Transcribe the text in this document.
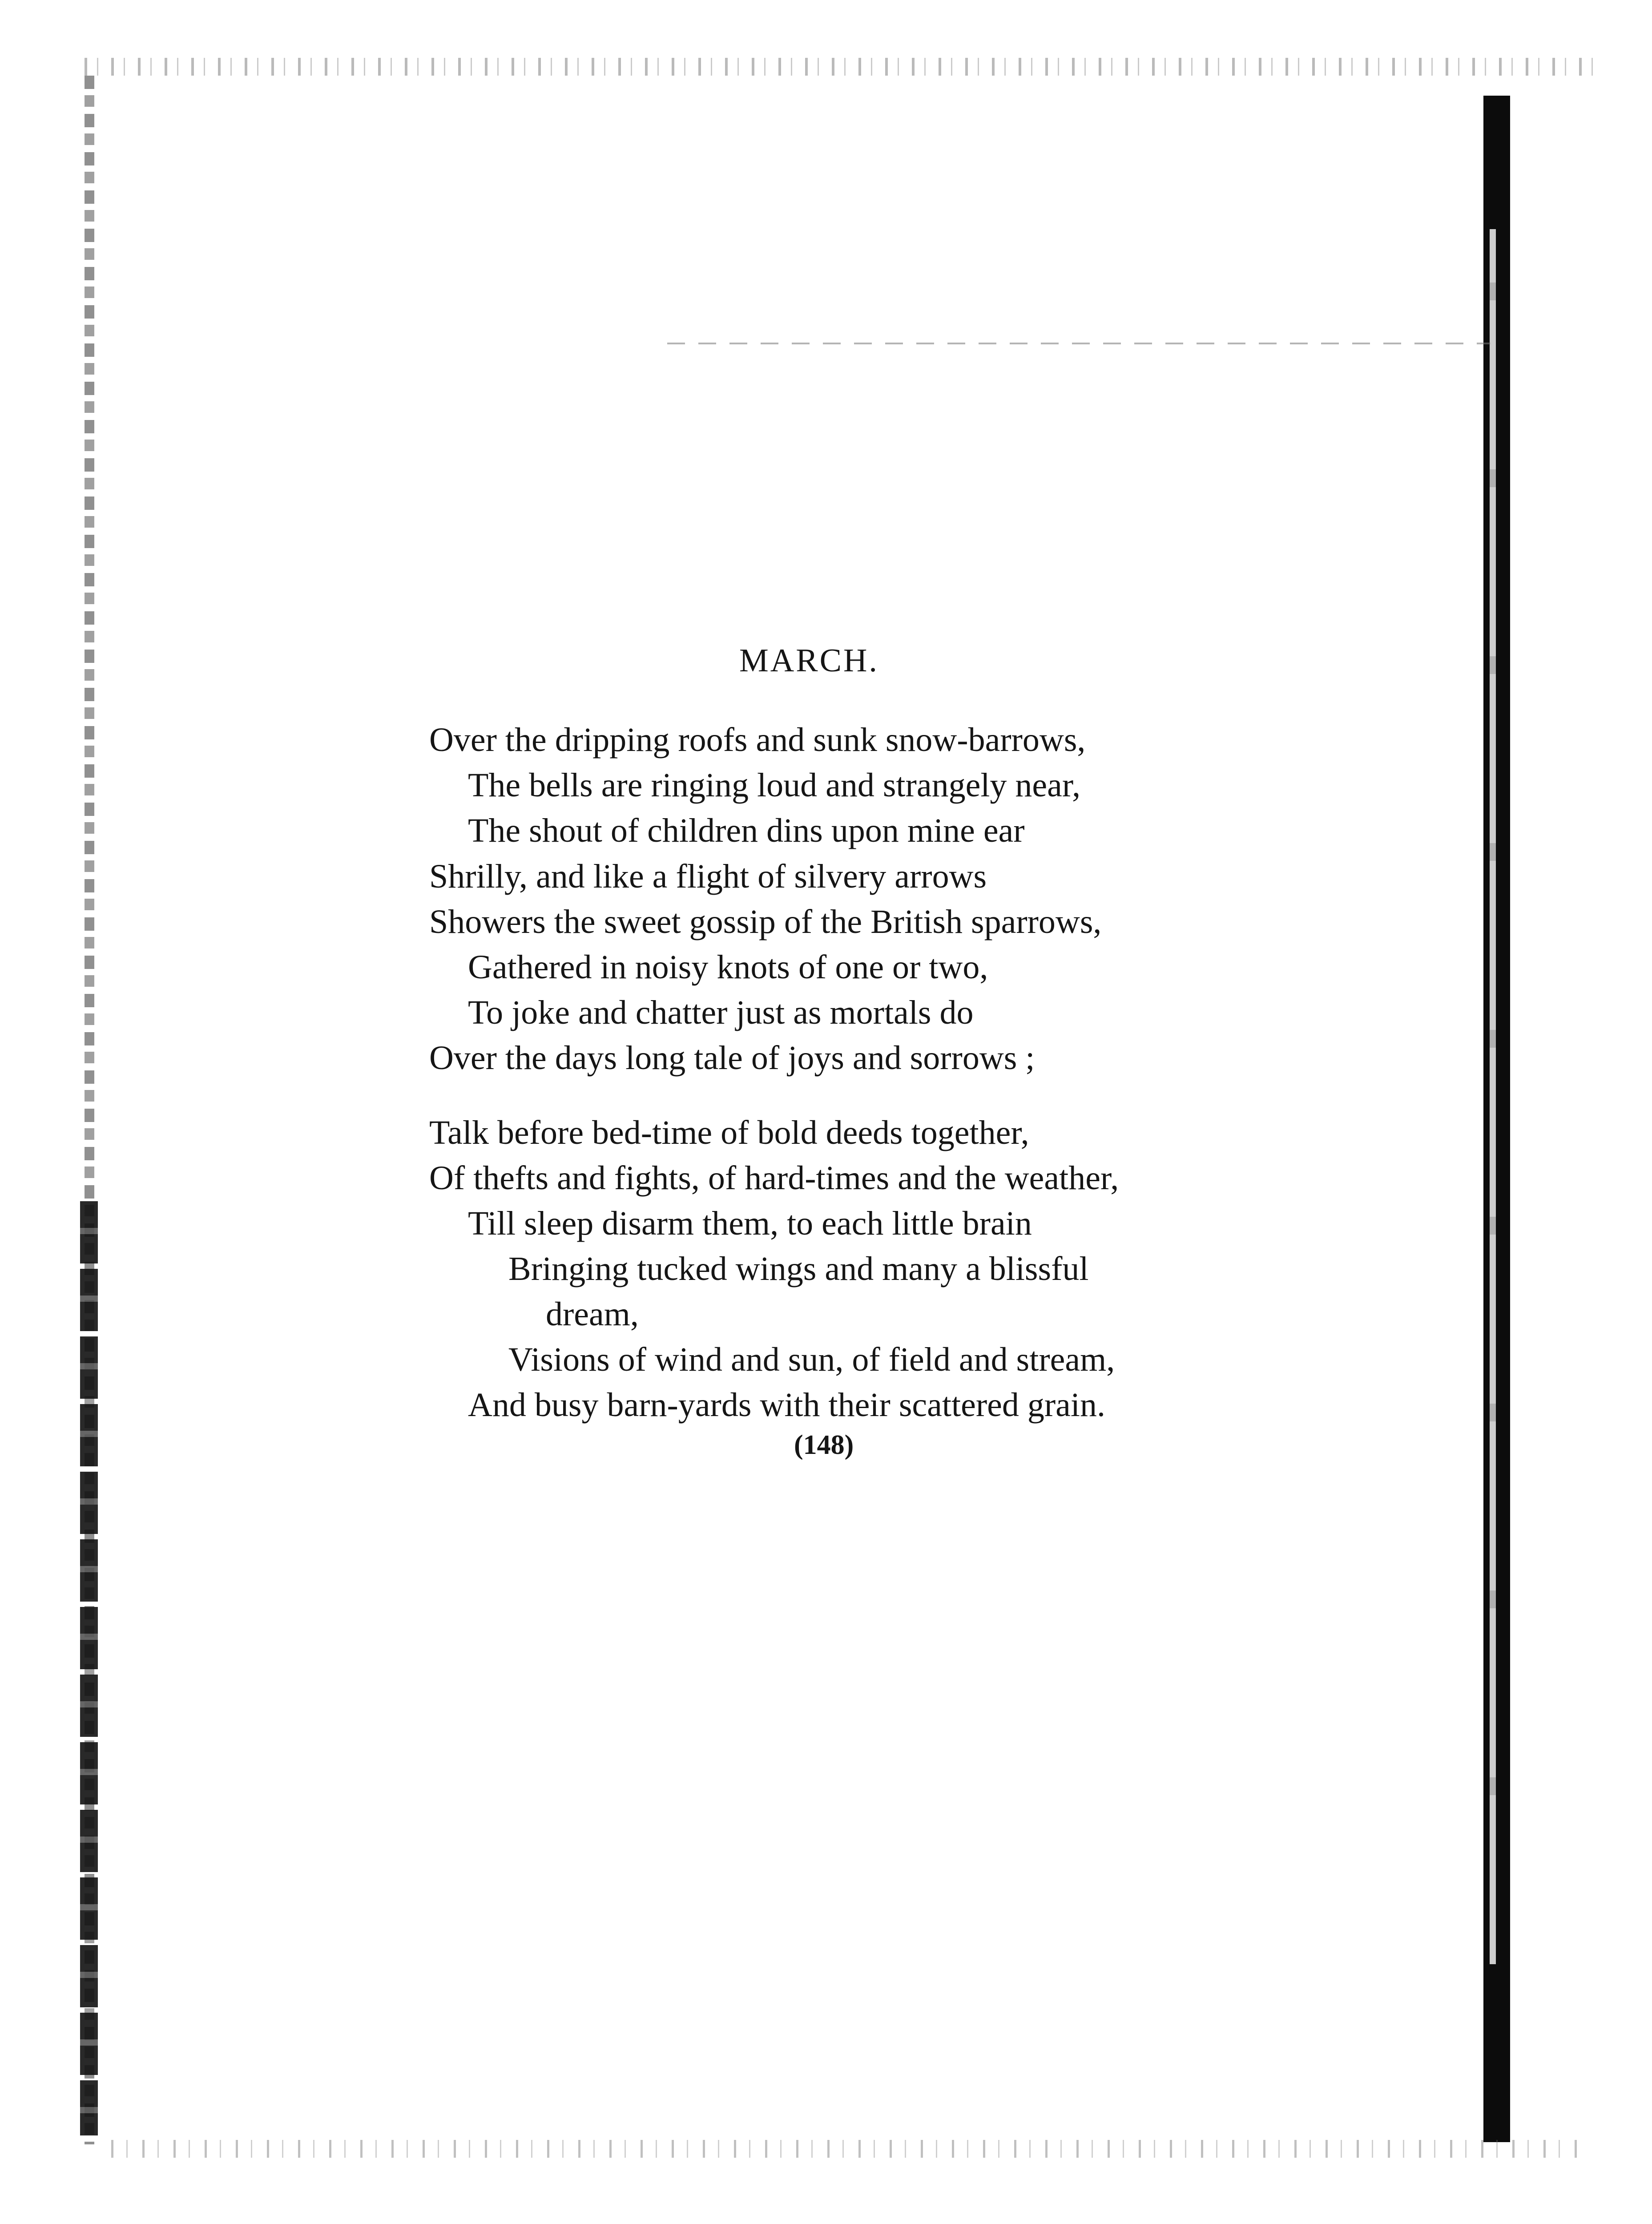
MARCH.

Over the dripping roofs and sunk snow-barrows,

The bells are ringing loud and strangely near,

The shout of children dins upon mine ear

Shrilly, and like a flight of silvery arrows

Showers the sweet gossip of the British sparrows,

Gathered in noisy knots of one or two,

To joke and chatter just as mortals do

Over the days long tale of joys and sorrows ;

Talk before bed-time of bold deeds together,

Of thefts and fights, of hard-times and the weather,

Till sleep disarm them, to each little brain

Bringing tucked wings and many a blissful

dream,

Visions of wind and sun, of field and stream,

And busy barn-yards with their scattered grain.

(148)
